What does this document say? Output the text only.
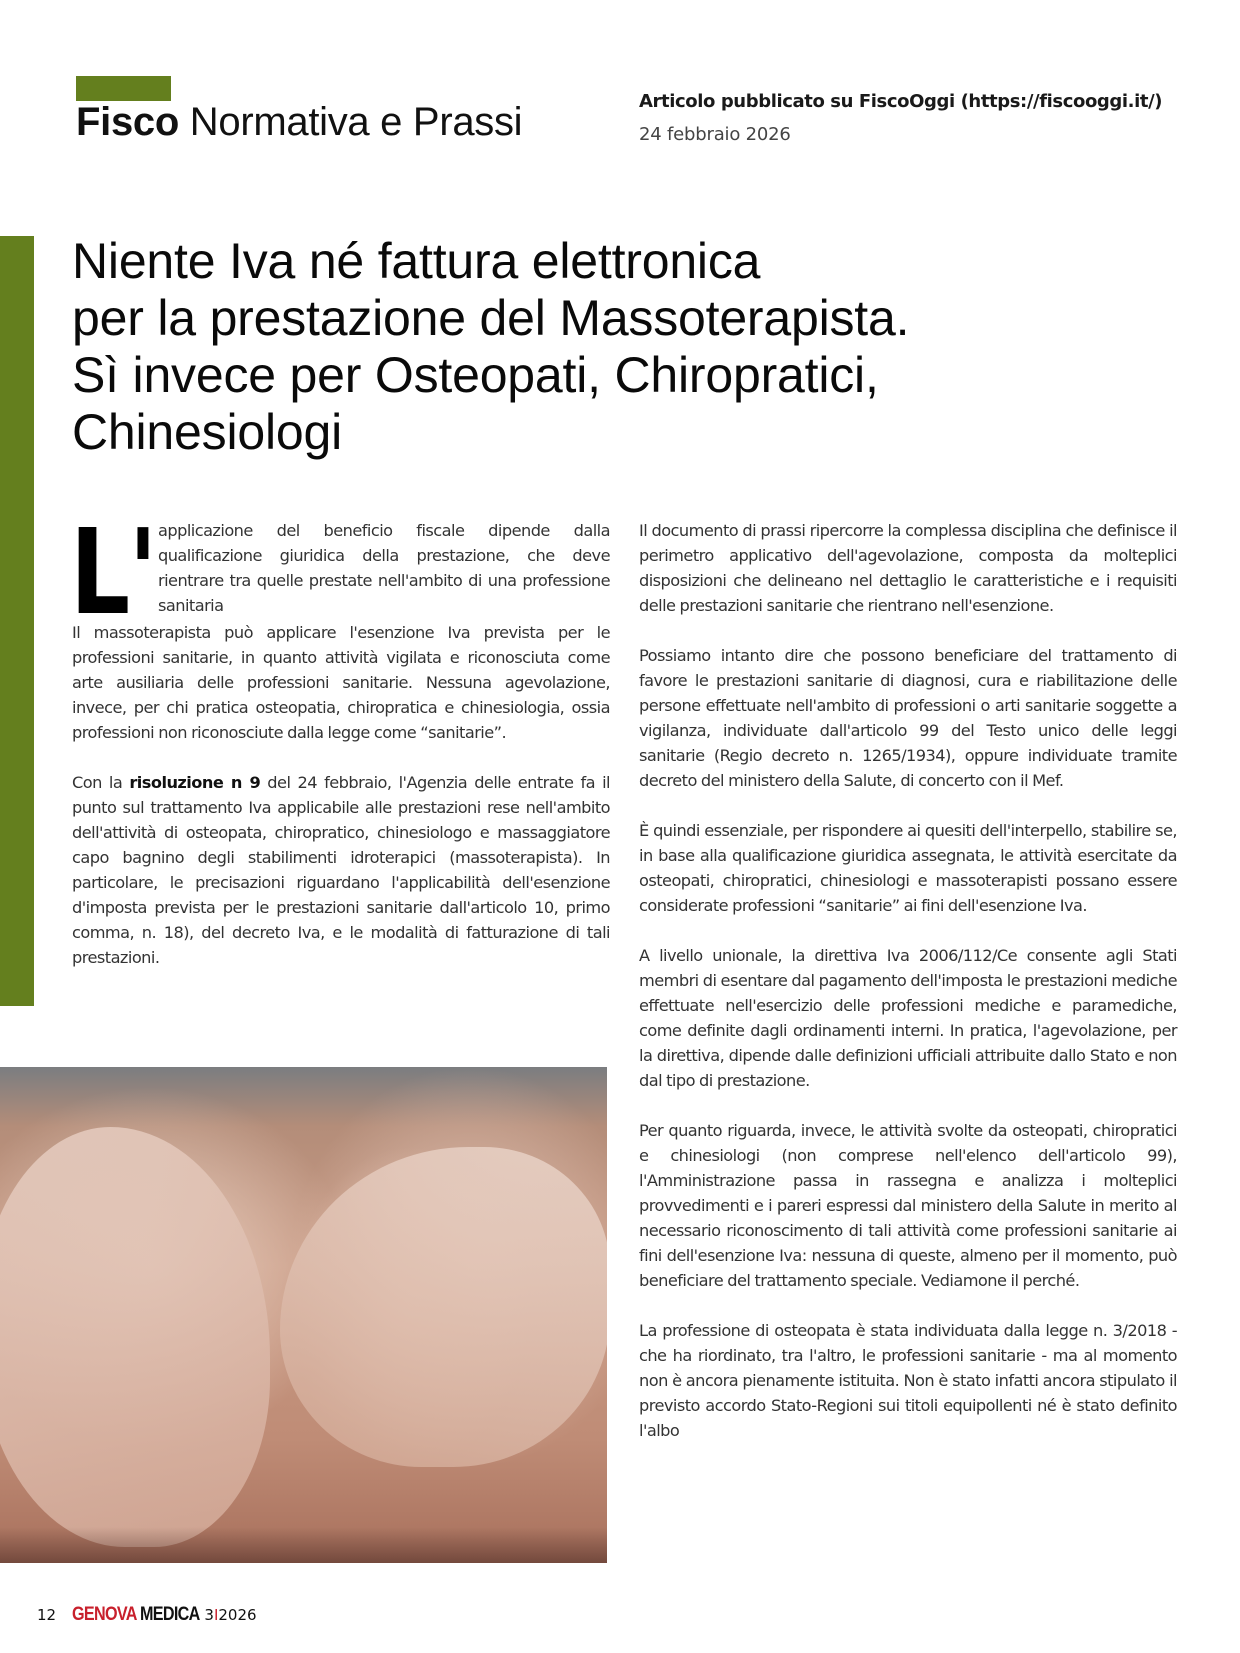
Fisco Normativa e Prassi	Articolo pubblicato su FiscoOggi (https://fiscooggi.it/)
24 febbraio 2026
Niente Iva né fattura elettronica
per la prestazione del Massoterapista.
Sì invece per Osteopati, Chiropratici,
Chinesiologi
L' applicazione del beneficio fiscale dipende dalla qualificazione giuridica della prestazione, che deve rientrare tra quelle prestate nell'ambito di una professione sanitaria

Il massoterapista può applicare l'esenzione Iva prevista per le professioni sanitarie, in quanto attività vigilata e riconosciuta come arte ausiliaria delle professioni sanitarie. Nessuna agevolazione, invece, per chi pratica osteopatia, chiropratica e chinesiologia, ossia professioni non riconosciute dalla legge come “sanitarie”.

Con la risoluzione n 9 del 24 febbraio, l'Agenzia delle entrate fa il punto sul trattamento Iva applicabile alle prestazioni rese nell'ambito dell'attività di osteopata, chiropratico, chinesiologo e massaggiatore capo bagnino degli stabilimenti idroterapici (massoterapista). In particolare, le precisazioni riguardano l'applicabilità dell'esenzione d'imposta prevista per le prestazioni sanitarie dall'articolo 10, primo comma, n. 18), del decreto Iva, e le modalità di fatturazione di tali prestazioni.

Il documento di prassi ripercorre la complessa disciplina che definisce il perimetro applicativo dell'agevolazione, composta da molteplici disposizioni che delineano nel dettaglio le caratteristiche e i requisiti delle prestazioni sanitarie che rientrano nell'esenzione.

Possiamo intanto dire che possono beneficiare del trattamento di favore le prestazioni sanitarie di diagnosi, cura e riabilitazione delle persone effettuate nell'ambito di professioni o arti sanitarie soggette a vigilanza, individuate dall'articolo 99 del Testo unico delle leggi sanitarie (Regio decreto n. 1265/1934), oppure individuate tramite decreto del ministero della Salute, di concerto con il Mef.

È quindi essenziale, per rispondere ai quesiti dell'interpello, stabilire se, in base alla qualificazione giuridica assegnata, le attività esercitate da osteopati, chiropratici, chinesiologi e massoterapisti possano essere considerate professioni “sanitarie” ai fini dell'esenzione Iva.

A livello unionale, la direttiva Iva 2006/112/Ce consente agli Stati membri di esentare dal pagamento dell'imposta le prestazioni mediche effettuate nell'esercizio delle professioni mediche e paramediche, come definite dagli ordinamenti interni. In pratica, l'agevolazione, per la direttiva, dipende dalle definizioni ufficiali attribuite dallo Stato e non dal tipo di prestazione.

Per quanto riguarda, invece, le attività svolte da osteopati, chiropratici e chinesiologi (non comprese nell'elenco dell'articolo 99), l'Amministrazione passa in rassegna e analizza i molteplici provvedimenti e i pareri espressi dal ministero della Salute in merito al necessario riconoscimento di tali attività come professioni sanitarie ai fini dell'esenzione Iva: nessuna di queste, almeno per il momento, può beneficiare del trattamento speciale. Vediamone il perché.

La professione di osteopata è stata individuata dalla legge n. 3/2018 - che ha riordinato, tra l'altro, le professioni sanitarie - ma al momento non è ancora pienamente istituita. Non è stato infatti ancora stipulato il previsto accordo Stato-Regioni sui titoli equipollenti né è stato definito l'albo

12 GENOVA MEDICA 3I2026
